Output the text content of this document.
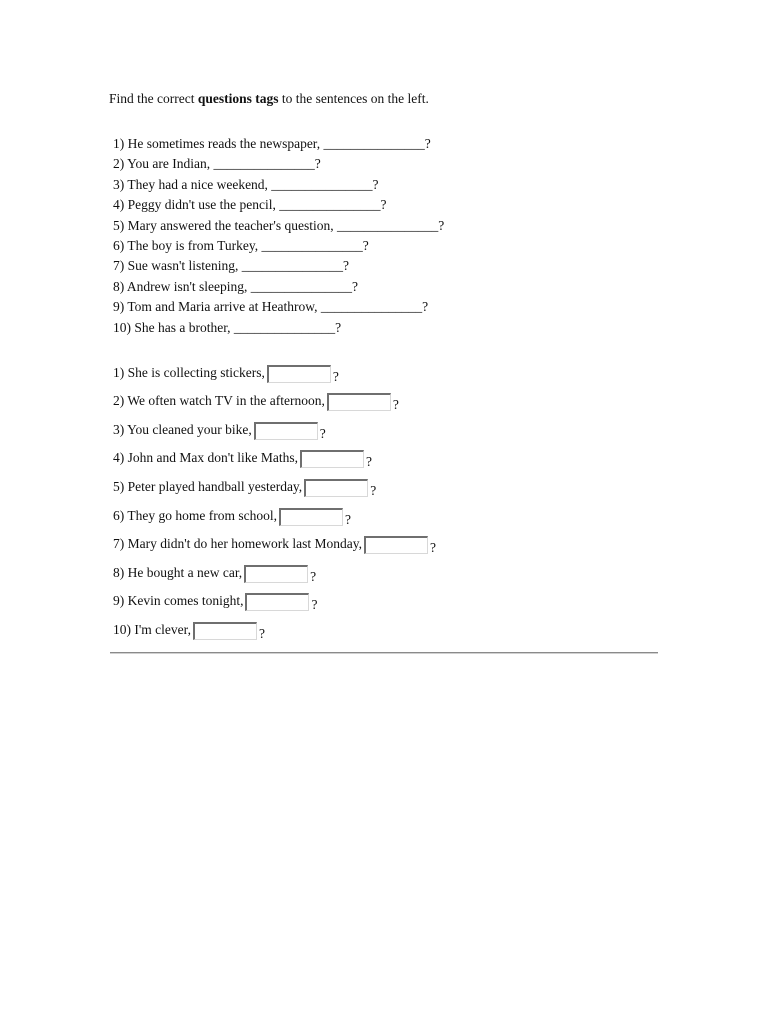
Find the correct questions tags to the sentences on the left.

1) He sometimes reads the newspaper, _______________?
2) You are Indian, _______________?
3) They had a nice weekend, _______________?
4) Peggy didn't use the pencil, _______________?
5) Mary answered the teacher's question, _______________?
6) The boy is from Turkey, _______________?
7) Sue wasn't listening, _______________?
8) Andrew isn't sleeping, _______________?
9) Tom and Maria arrive at Heathrow, _______________?
10) She has a brother, _______________?
1) She is collecting stickers,	?
2) We often watch TV in the afternoon,	?
3) You cleaned your bike,	?
4) John and Max don't like Maths,	?
5) Peter played handball yesterday,	?
6) They go home from school,	?
7) Mary didn't do her homework last Monday,	?
8) He bought a new car,	?
9) Kevin comes tonight,	?
10) I'm clever,	?
